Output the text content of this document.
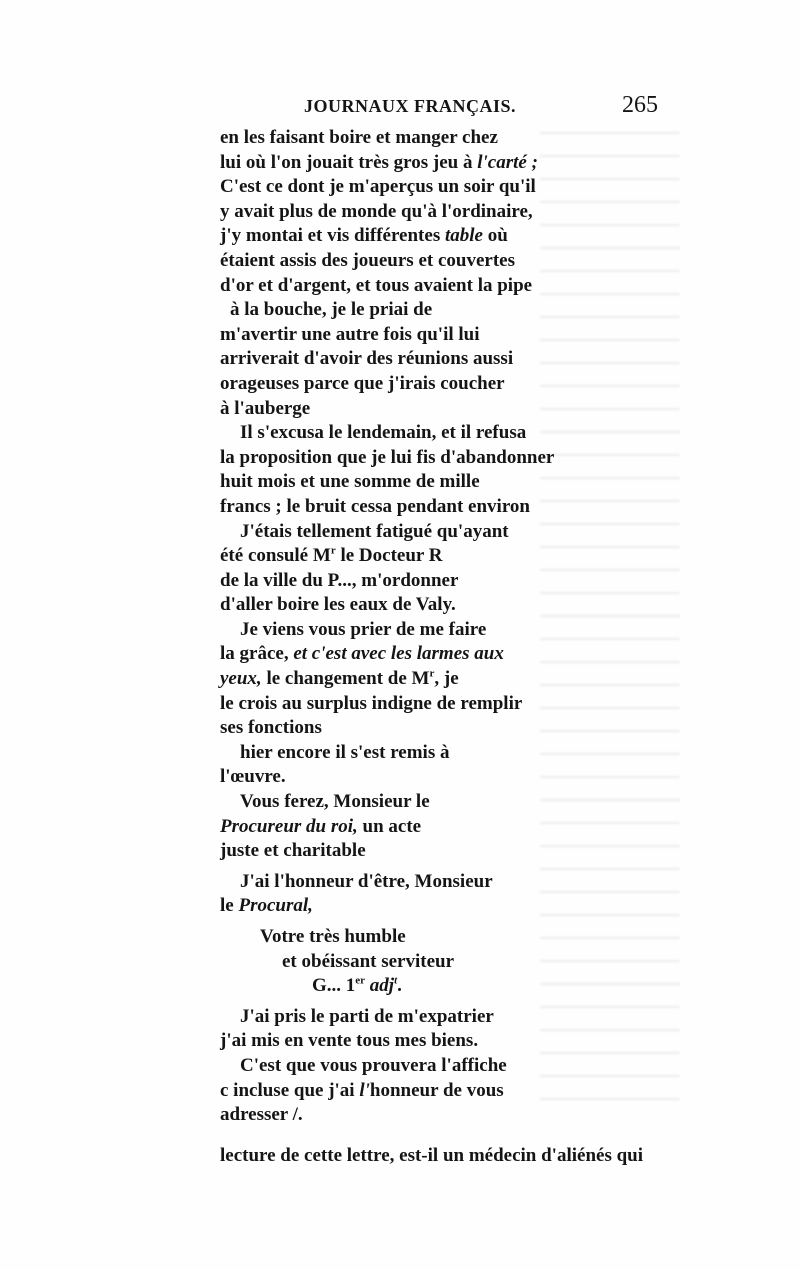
JOURNAUX FRANÇAIS.	265
en les faisant boire et manger chez
lui où l'on jouait très gros jeu à l'carté ;
C'est ce dont je m'aperçus un soir qu'il
y avait plus de monde qu'à l'ordinaire,
j'y montai et vis différentes table où
étaient assis des joueurs et couvertes
d'or et d'argent, et tous avaient la pipe
à la bouche, je le priai de
m'avertir une autre fois qu'il lui
arriverait d'avoir des réunions aussi
orageuses parce que j'irais coucher
à l'auberge
Il s'excusa le lendemain, et il refusa
la proposition que je lui fis d'abandonner
huit mois et une somme de mille
francs ; le bruit cessa pendant environ
J'étais tellement fatigué qu'ayant
été consulé $M^r$ le Docteur R
de la ville du P..., m'ordonner
d'aller boire les eaux de Valy.
Je viens vous prier de me faire
la grâce, et c'est avec les larmes aux
yeux, le changement de $M^r$, je
le crois au surplus indigne de remplir
ses fonctions
hier encore il s'est remis à
l'œuvre.
Vous ferez, Monsieur le
Procureur du roi, un acte
juste et charitable
J'ai l'honneur d'être, Monsieur
le Procural,
Votre très humble
et obéissant serviteur
G... 1er adj$^t$.
J'ai pris le parti de m'expatrier
j'ai mis en vente tous mes biens.
C'est que vous prouvera l'affiche
c incluse que j'ai l'honneur de vous
adresser /.
lecture de cette lettre, est-il un médecin d'aliénés qui
